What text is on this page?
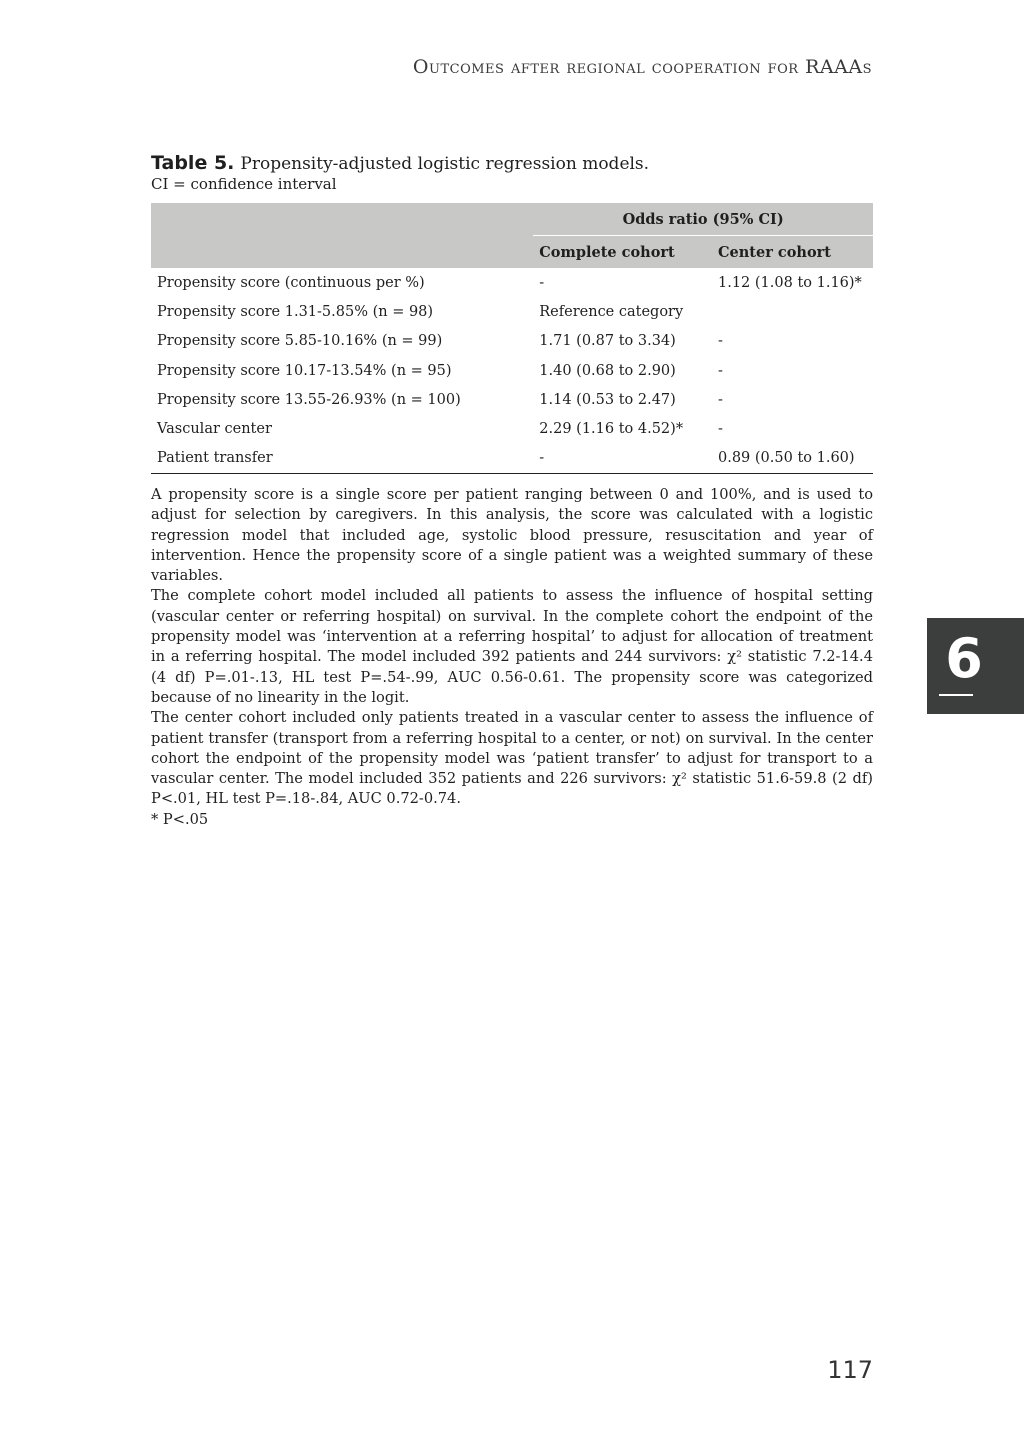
Outcomes after regional cooperation for RAAAs
Table 5. Propensity-adjusted logistic regression models.
CI = confidence interval
	Odds ratio (95% CI)	
	Complete cohort	Center cohort
Propensity score (continuous per %)	-	1.12 (1.08 to 1.16)*
Propensity score 1.31-5.85% (n = 98)	Reference category	
Propensity score 5.85-10.16% (n = 99)	1.71 (0.87 to 3.34)	-
Propensity score 10.17-13.54% (n = 95)	1.40 (0.68 to 2.90)	-
Propensity score 13.55-26.93% (n = 100)	1.14 (0.53 to 2.47)	-
Vascular center	2.29 (1.16 to 4.52)*	-
Patient transfer	-	0.89 (0.50 to 1.60)

A propensity score is a single score per patient ranging between 0 and 100%, and is used to adjust for selection by caregivers. In this analysis, the score was calculated with a logistic regression model that included age, systolic blood pressure, resuscitation and year of intervention. Hence the propensity score of a single patient was a weighted summary of these variables.

The complete cohort model included all patients to assess the influence of hospital setting (vascular center or referring hospital) on survival. In the complete cohort the endpoint of the propensity model was ‘intervention at a referring hospital’ to adjust for allocation of treatment in a referring hospital. The model included 392 patients and 244 survivors: χ² statistic 7.2-14.4 (4 df) P=.01-.13, HL test P=.54-.99, AUC 0.56-0.61. The propensity score was categorized because of no linearity in the logit.

The center cohort included only patients treated in a vascular center to assess the influence of patient transfer (transport from a referring hospital to a center, or not) on survival. In the center cohort the endpoint of the propensity model was ‘patient transfer’ to adjust for transport to a vascular center. The model included 352 patients and 226 survivors: χ² statistic 51.6-59.8 (2 df) P<.01, HL test P=.18-.84, AUC 0.72-0.74.

* P<.05

6
117
